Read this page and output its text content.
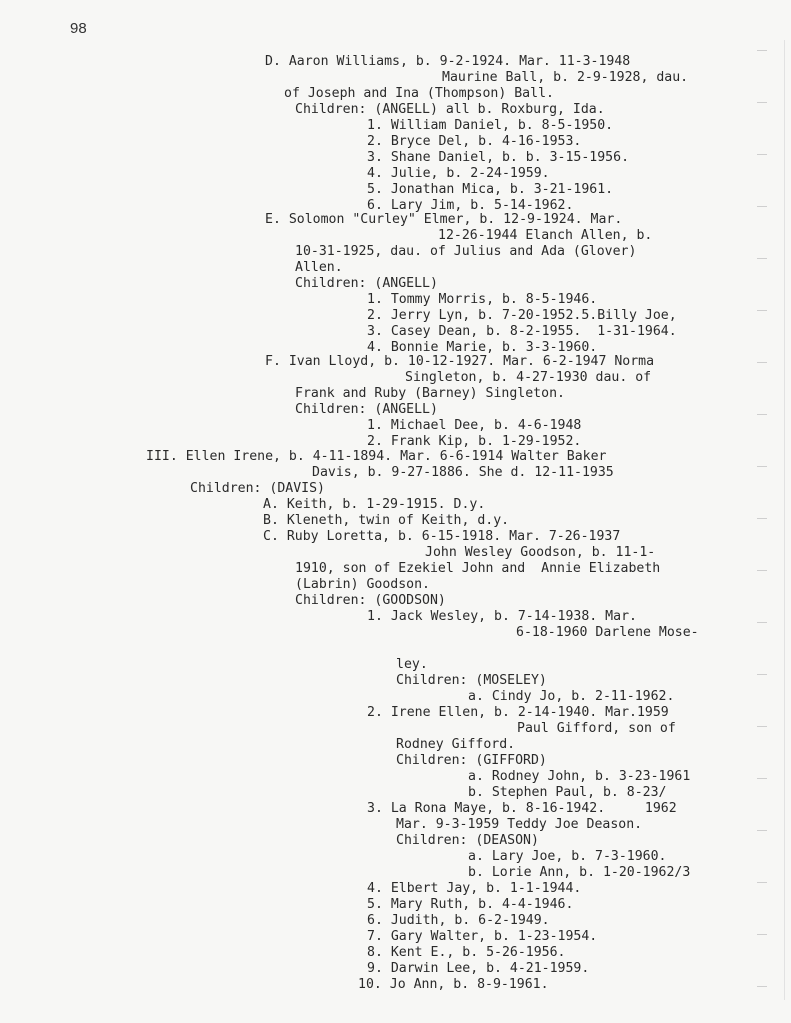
98
D. Aaron Williams, b. 9-2-1924. Mar. 11-3-1948
Maurine Ball, b. 2-9-1928, dau.
of Joseph and Ina (Thompson) Ball.
Children: (ANGELL) all b. Roxburg, Ida.
1. William Daniel, b. 8-5-1950.
2. Bryce Del, b. 4-16-1953.
3. Shane Daniel, b. b. 3-15-1956.
4. Julie, b. 2-24-1959.
5. Jonathan Mica, b. 3-21-1961.
6. Lary Jim, b. 5-14-1962.
E. Solomon "Curley" Elmer, b. 12-9-1924. Mar.
12-26-1944 Elanch Allen, b.
10-31-1925, dau. of Julius and Ada (Glover)
Allen.
Children: (ANGELL)
1. Tommy Morris, b. 8-5-1946.
2. Jerry Lyn, b. 7-20-1952.5.Billy Joe,
3. Casey Dean, b. 8-2-1955.  1-31-1964.
4. Bonnie Marie, b. 3-3-1960.
F. Ivan Lloyd, b. 10-12-1927. Mar. 6-2-1947 Norma
Singleton, b. 4-27-1930 dau. of
Frank and Ruby (Barney) Singleton.
Children: (ANGELL)
1. Michael Dee, b. 4-6-1948
2. Frank Kip, b. 1-29-1952.
III. Ellen Irene, b. 4-11-1894. Mar. 6-6-1914 Walter Baker
Davis, b. 9-27-1886. She d. 12-11-1935
Children: (DAVIS)
A. Keith, b. 1-29-1915. D.y.
B. Kleneth, twin of Keith, d.y.
C. Ruby Loretta, b. 6-15-1918. Mar. 7-26-1937
John Wesley Goodson, b. 11-1-
1910, son of Ezekiel John and  Annie Elizabeth
(Labrin) Goodson.
Children: (GOODSON)
1. Jack Wesley, b. 7-14-1938. Mar.
6-18-1960 Darlene Mose-
ley.
Children: (MOSELEY)
a. Cindy Jo, b. 2-11-1962.
2. Irene Ellen, b. 2-14-1940. Mar.1959
Paul Gifford, son of
Rodney Gifford.
Children: (GIFFORD)
a. Rodney John, b. 3-23-1961
b. Stephen Paul, b. 8-23/
3. La Rona Maye, b. 8-16-1942.     1962
Mar. 9-3-1959 Teddy Joe Deason.
Children: (DEASON)
a. Lary Joe, b. 7-3-1960.
b. Lorie Ann, b. 1-20-1962/3
4. Elbert Jay, b. 1-1-1944.
5. Mary Ruth, b. 4-4-1946.
6. Judith, b. 6-2-1949.
7. Gary Walter, b. 1-23-1954.
8. Kent E., b. 5-26-1956.
9. Darwin Lee, b. 4-21-1959.
10. Jo Ann, b. 8-9-1961.
